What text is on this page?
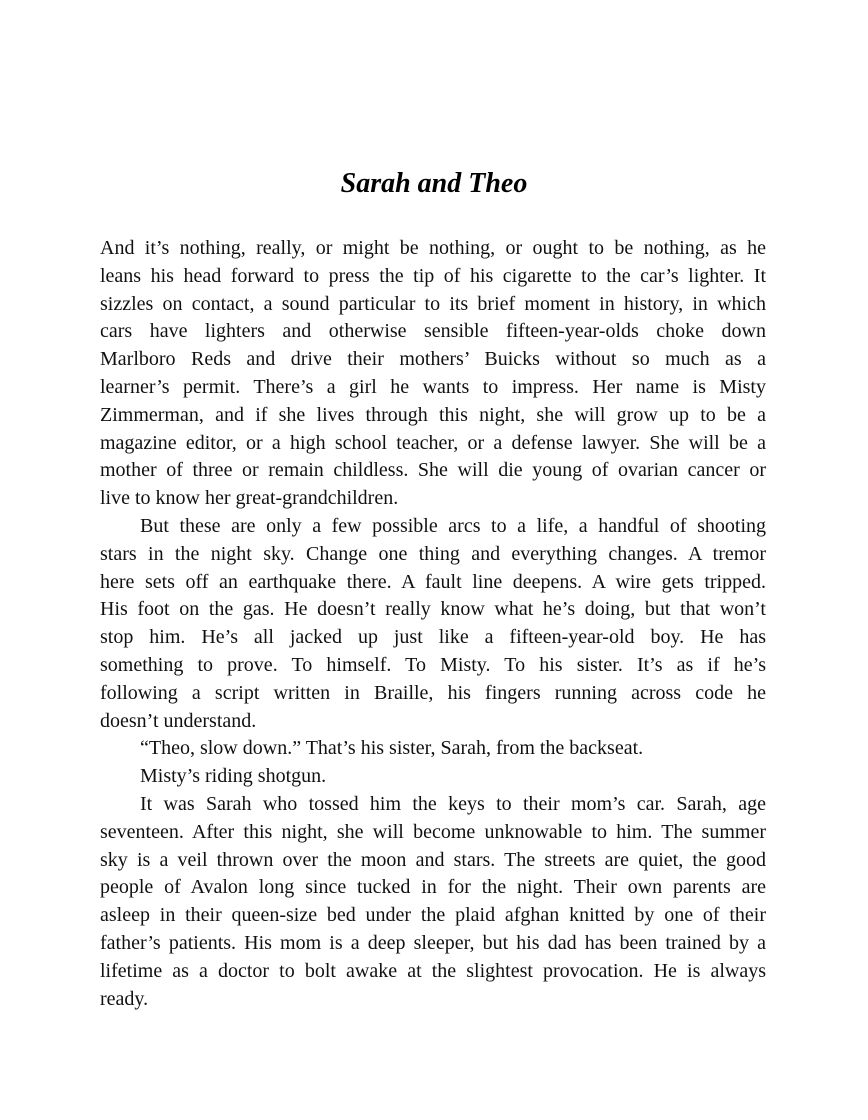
Sarah and Theo
And it’s nothing, really, or might be nothing, or ought to be nothing, as he
leans his head forward to press the tip of his cigarette to the car’s lighter. It
sizzles on contact, a sound particular to its brief moment in history, in which
cars have lighters and otherwise sensible fifteen-year-olds choke down
Marlboro Reds and drive their mothers’ Buicks without so much as a
learner’s permit. There’s a girl he wants to impress. Her name is Misty
Zimmerman, and if she lives through this night, she will grow up to be a
magazine editor, or a high school teacher, or a defense lawyer. She will be a
mother of three or remain childless. She will die young of ovarian cancer or
live to know her great-grandchildren.
But these are only a few possible arcs to a life, a handful of shooting
stars in the night sky. Change one thing and everything changes. A tremor
here sets off an earthquake there. A fault line deepens. A wire gets tripped.
His foot on the gas. He doesn’t really know what he’s doing, but that won’t
stop him. He’s all jacked up just like a fifteen-year-old boy. He has
something to prove. To himself. To Misty. To his sister. It’s as if he’s
following a script written in Braille, his fingers running across code he
doesn’t understand.
“Theo, slow down.” That’s his sister, Sarah, from the backseat.
Misty’s riding shotgun.
It was Sarah who tossed him the keys to their mom’s car. Sarah, age
seventeen. After this night, she will become unknowable to him. The summer
sky is a veil thrown over the moon and stars. The streets are quiet, the good
people of Avalon long since tucked in for the night. Their own parents are
asleep in their queen-size bed under the plaid afghan knitted by one of their
father’s patients. His mom is a deep sleeper, but his dad has been trained by a
lifetime as a doctor to bolt awake at the slightest provocation. He is always
ready.
